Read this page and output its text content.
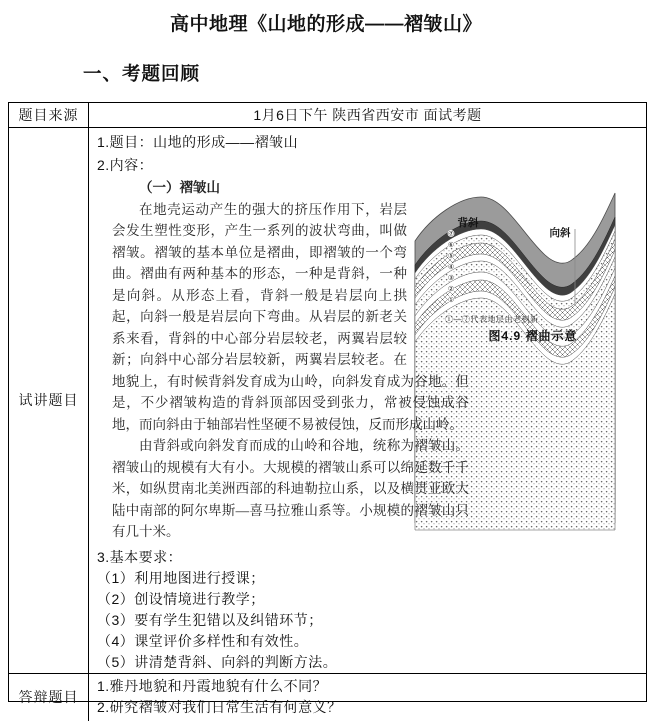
高中地理《山地的形成——褶皱山》
一、考题回顾
题目来源	1月6日下午 陕西省西安市 面试考题
试讲题目
1.题目：山地的形成——褶皱山
2.内容：
背斜
向斜
⑦
⑥
⑤
④
③
②
①
①—⑦代表地层由老到新
图4.9 褶曲示意

（一）褶皱山

在地壳运动产生的强大的挤压作用下，岩层会发生塑性变形，产生一系列的波状弯曲，叫做褶皱。褶皱的基本单位是褶曲，即褶皱的一个弯曲。褶曲有两种基本的形态，一种是背斜，一种是向斜。从形态上看，背斜一般是岩层向上拱起，向斜一般是岩层向下弯曲。从岩层的新老关系来看，背斜的中心部分岩层较老，两翼岩层较新；向斜中心部分岩层较新，两翼岩层较老。在地貌上，有时候背斜发育成为山岭，向斜发育成为谷地。但是，不少褶皱构造的背斜顶部因受到张力，常被侵蚀成谷地，而向斜由于轴部岩性坚硬不易被侵蚀，反而形成山岭。

由背斜或向斜发育而成的山岭和谷地，统称为褶皱山。褶皱山的规模有大有小。大规模的褶皱山系可以绵延数千千米，如纵贯南北美洲西部的科迪勒拉山系，以及横贯亚欧大陆中南部的阿尔卑斯—喜马拉雅山系等。小规模的褶皱山只有几十米。

3.基本要求：
（1）利用地图进行授课；
（2）创设情境进行教学；
（3）要有学生犯错以及纠错环节；
（4）课堂评价多样性和有效性。
（5）讲清楚背斜、向斜的判断方法。
答辩题目
1.雅丹地貌和丹霞地貌有什么不同？
2.研究褶皱对我们日常生活有何意义？
